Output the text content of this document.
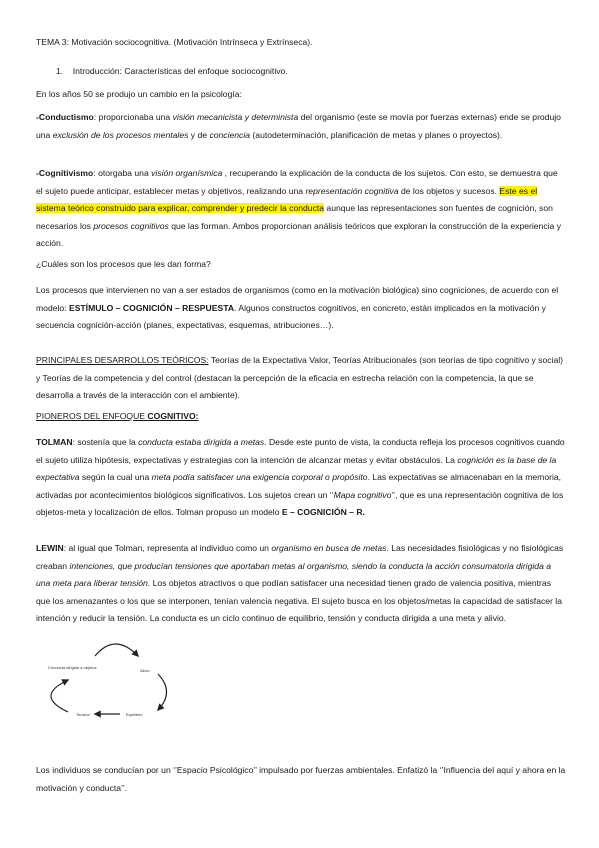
TEMA 3: Motivación sociocognitiva. (Motivación Intrínseca y Extrínseca).
1. Introducción: Características del enfoque sociocognitivo.
En los años 50 se produjo un cambio en la psicología:
-Conductismo: proporcionaba una visión mecanicista y determinista del organismo (este se movía por fuerzas externas) ende se produjo una exclusión de los procesos mentales y de conciencia (autodeterminación, planificación de metas y planes o proyectos).
-Cognitivismo: otorgaba una visión organísmica , recuperando la explicación de la conducta de los sujetos. Con esto, se demuestra que el sujeto puede anticipar, establecer metas y objetivos, realizando una representación cognitiva de los objetos y sucesos. Este es el sistema teórico construido para explicar, comprender y predecir la conducta aunque las representaciones son fuentes de cognición, son necesarios los procesos cognitivos que las forman. Ambos proporcionan análisis teóricos que exploran la construcción de la experiencia y acción.
¿Cuáles son los procesos que les dan forma?
Los procesos que intervienen no van a ser estados de organismos (como en la motivación biológica) sino cogniciones, de acuerdo con el modelo: ESTÍMULO – COGNICIÓN – RESPUESTA. Algunos constructos cognitivos, en concreto, están implicados en la motivación y secuencia cognición-acción (planes, expectativas, esquemas, atribuciones…).
PRINCIPALES DESARROLLOS TEÓRICOS: Teorías de la Expectativa Valor, Teorías Atribucionales (son teorías de tipo cognitivo y social) y Teorías de la competencia y del control (destacan la percepción de la eficacia en estrecha relación con la competencia, la que se desarrolla a través de la interacción con el ambiente).
PIONEROS DEL ENFOQUE COGNITIVO:
TOLMAN: sostenía que la conducta estaba dirigida a metas. Desde este punto de vista, la conducta refleja los procesos cognitivos cuando el sujeto utiliza hipótesis, expectativas y estrategias con la intención de alcanzar metas y evitar obstáculos. La cognición es la base de la expectativa según la cual una meta podía satisfacer una exigencia corporal o propósito. Las expectativas se almacenaban en la memoria, activadas por acontecimientos biológicos significativos. Los sujetos crean un ‘’Mapa cognitivo’’, que es una representación cognitiva de los objetos-meta y localización de ellos. Tolman propuso un modelo E – COGNICIÓN – R.
LEWIN: al igual que Tolman, representa al individuo como un organismo en busca de metas. Las necesidades fisiológicas y no fisiológicas creaban intenciones, que producían tensiones que aportaban metas al organismo, siendo la conducta la acción consumatoria dirigida a una meta para liberar tensión. Los objetos atractivos o que podían satisfacer una necesidad tienen grado de valencia positiva, mientras que los amenazantes o los que se interponen, tenían valencia negativa. El sujeto busca en los objetos/metas la capacidad de satisfacer la intención y reducir la tensión. La conducta es un ciclo continuo de equilibrio, tensión y conducta dirigida a una meta y alivio.
Conducta dirigida a objetos
Alivio
Equilibrio
Tensión
Los individuos se conducían por un ‘’Espacio Psicológico’’ impulsado por fuerzas ambientales. Enfatizó la ‘’Influencia del aquí y ahora en la motivación y conducta’’.
